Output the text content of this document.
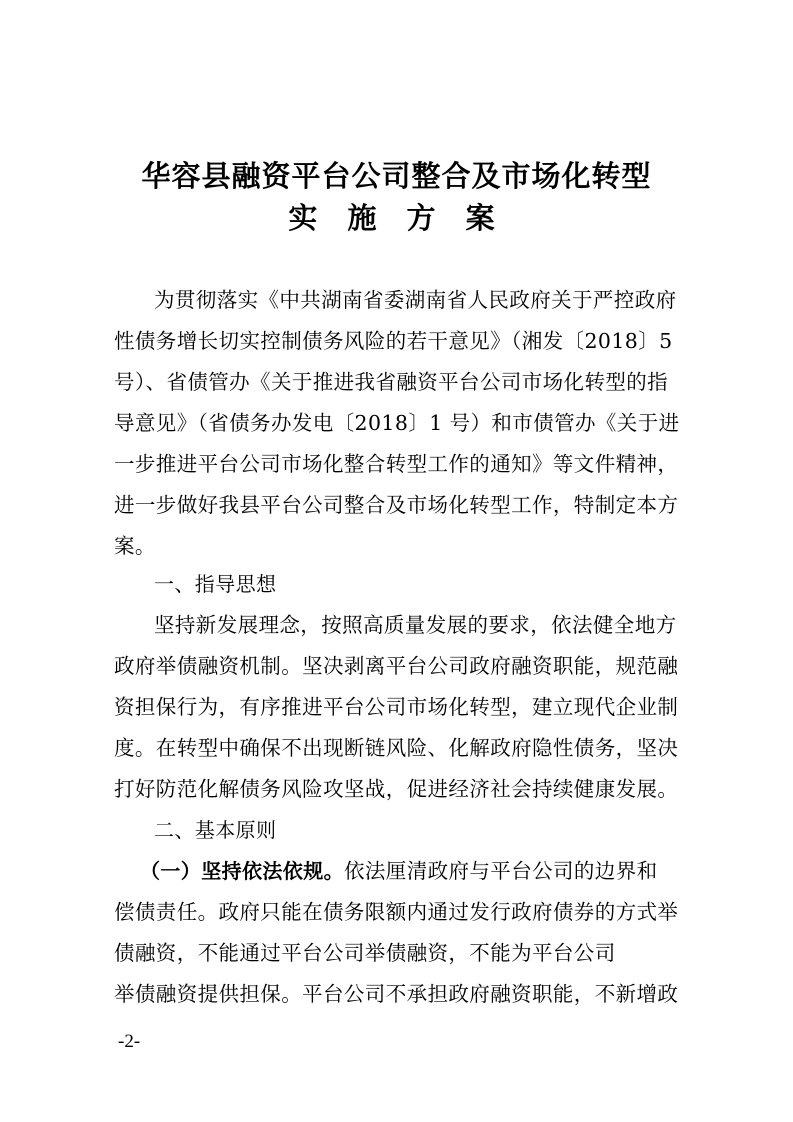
华容县融资平台公司整合及市场化转型
实 施 方 案
为贯彻落实《中共湖南省委湖南省人民政府关于严控政府
性债务增长切实控制债务风险的若干意见》（湘发〔2018〕5
号）、省债管办《关于推进我省融资平台公司市场化转型的指
导意见》（省债务办发电〔2018〕1 号）和市债管办《关于进
一步推进平台公司市场化整合转型工作的通知》等文件精神，
进一步做好我县平台公司整合及市场化转型工作，特制定本方
案。
一、指导思想
坚持新发展理念，按照高质量发展的要求，依法健全地方
政府举债融资机制。坚决剥离平台公司政府融资职能，规范融
资担保行为，有序推进平台公司市场化转型，建立现代企业制
度。在转型中确保不出现断链风险、化解政府隐性债务，坚决
打好防范化解债务风险攻坚战，促进经济社会持续健康发展。
二、基本原则
（一）坚持依法依规。依法厘清政府与平台公司的边界和
偿债责任。政府只能在债务限额内通过发行政府债券的方式举
债融资，不能通过平台公司举债融资，不能为平台公司
举债融资提供担保。平台公司不承担政府融资职能，不新增政
-2-
